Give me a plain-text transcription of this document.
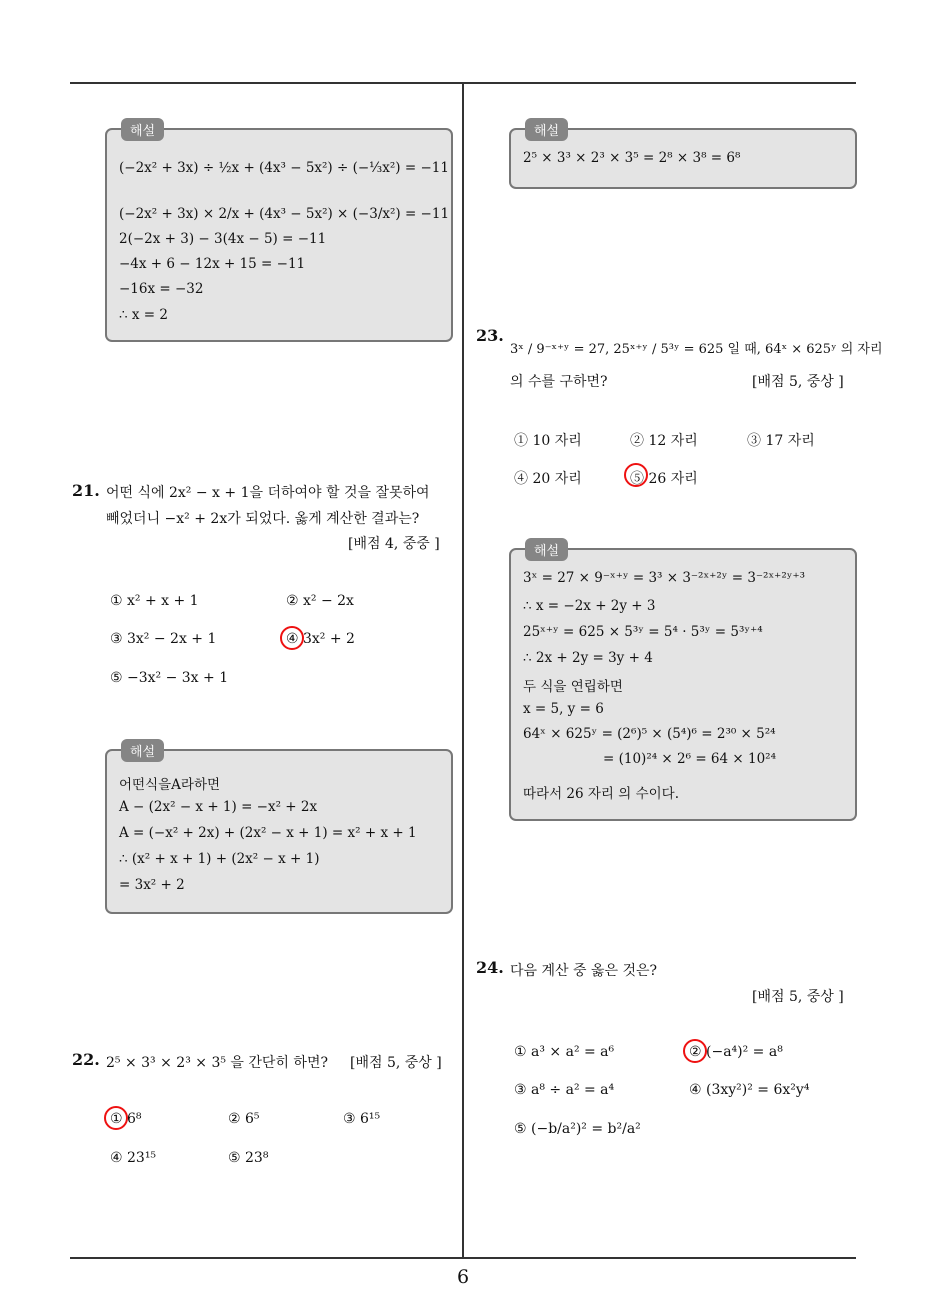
해설
(−2x² + 3x) ÷ ½x + (4x³ − 5x²) ÷ (−⅓x²) = −11
(−2x² + 3x) × 2/x + (4x³ − 5x²) × (−3/x²) = −11
2(−2x + 3) − 3(4x − 5) = −11
−4x + 6 − 12x + 15 = −11
−16x = −32
∴ x = 2
21. 어떤 식에 2x² − x + 1을 더하여야 할 것을 잘못하여
빼었더니 −x² + 2x가 되었다. 옳게 계산한 결과는?
[배점 4, 중중 ]
① x² + x + 1	② x² − 2x
③ 3x² − 2x + 1	④ 3x² + 2
⑤ −3x² − 3x + 1
해설
어떤식을A라하면
A − (2x² − x + 1) = −x² + 2x
A = (−x² + 2x) + (2x² − x + 1) = x² + x + 1
∴ (x² + x + 1) + (2x² − x + 1)
= 3x² + 2
22. 2⁵ × 3³ × 2³ × 3⁵ 을 간단히 하면? [배점 5, 중상 ]
① 6⁸	② 6⁵	③ 6¹⁵
④ 23¹⁵	⑤ 23⁸
해설
2⁵ × 3³ × 2³ × 3⁵ = 2⁸ × 3⁸ = 6⁸
23.
3ˣ / 9⁻ˣ⁺ʸ = 27, 25ˣ⁺ʸ / 5³ʸ = 625 일 때, 64ˣ × 625ʸ 의 자리
의 수를 구하면?	[배점 5, 중상 ]
① 10 자리	② 12 자리	③ 17 자리
④ 20 자리	⑤ 26 자리
해설
3ˣ = 27 × 9⁻ˣ⁺ʸ = 3³ × 3⁻²ˣ⁺²ʸ = 3⁻²ˣ⁺²ʸ⁺³
∴ x = −2x + 2y + 3
25ˣ⁺ʸ = 625 × 5³ʸ = 5⁴ · 5³ʸ = 5³ʸ⁺⁴
∴ 2x + 2y = 3y + 4
두 식을 연립하면
x = 5, y = 6
64ˣ × 625ʸ = (2⁶)⁵ × (5⁴)⁶ = 2³⁰ × 5²⁴
= (10)²⁴ × 2⁶ = 64 × 10²⁴
따라서 26 자리 의 수이다.
24. 다음 계산 중 옳은 것은?
[배점 5, 중상 ]
① a³ × a² = a⁶	② (−a⁴)² = a⁸
③ a⁸ ÷ a² = a⁴	④ (3xy²)² = 6x²y⁴
⑤ (−b/a²)² = b²/a²
6
